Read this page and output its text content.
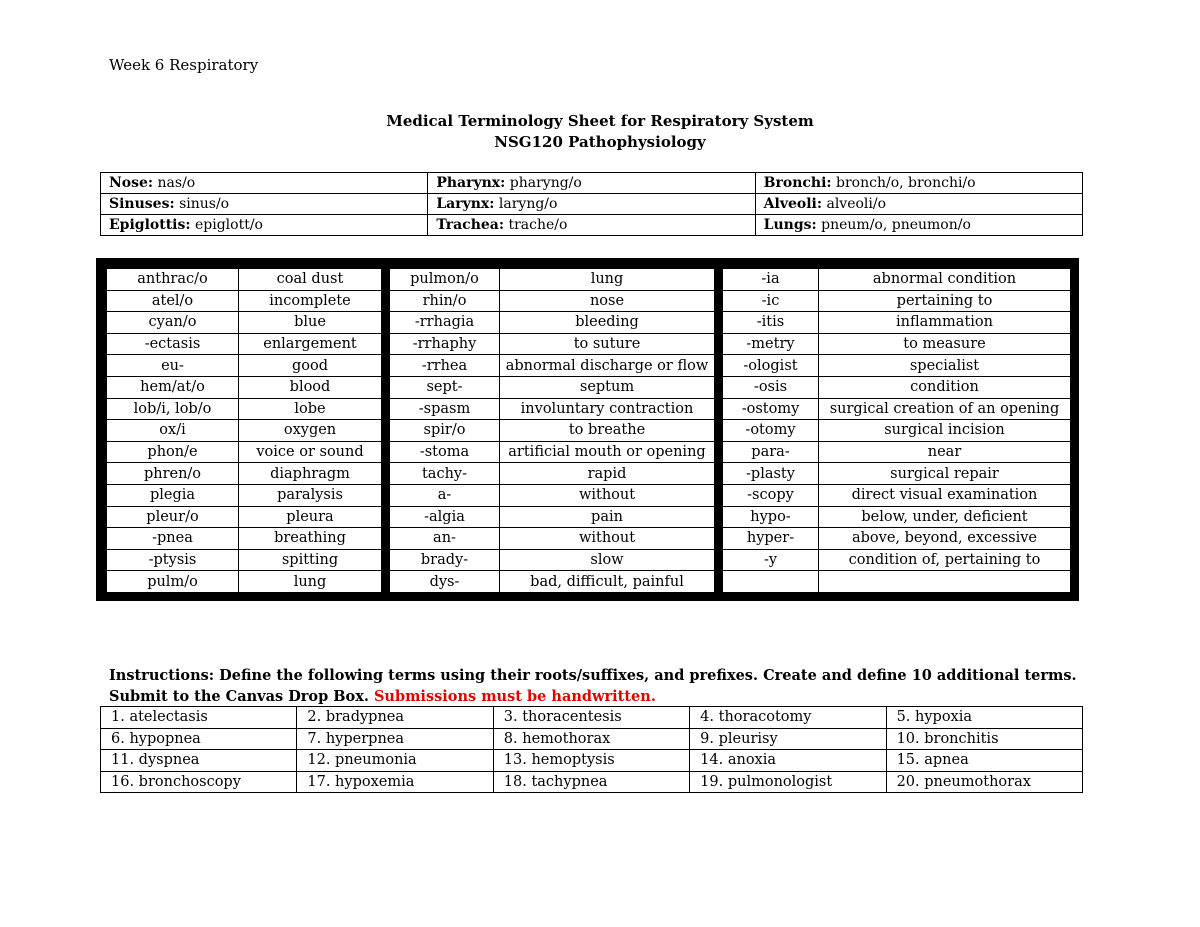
Week 6 Respiratory
Medical Terminology Sheet for Respiratory System
NSG120 Pathophysiology
Nose: nas/o	Pharynx: pharyng/o	Bronchi: bronch/o, bronchi/o
Sinuses: sinus/o	Larynx: laryng/o	Alveoli: alveoli/o
Epiglottis: epiglott/o	Trachea: trache/o	Lungs: pneum/o, pneumon/o
anthrac/o	coal dust		pulmon/o	lung		-ia	abnormal condition
atel/o	incomplete		rhin/o	nose		-ic	pertaining to
cyan/o	blue		-rrhagia	bleeding		-itis	inflammation
-ectasis	enlargement		-rrhaphy	to suture		-metry	to measure
eu-	good		-rrhea	abnormal discharge or flow		-ologist	specialist
hem/at/o	blood		sept-	septum		-osis	condition
lob/i, lob/o	lobe		-spasm	involuntary contraction		-ostomy	surgical creation of an opening
ox/i	oxygen		spir/o	to breathe		-otomy	surgical incision
phon/e	voice or sound		-stoma	artificial mouth or opening		para-	near
phren/o	diaphragm		tachy-	rapid		-plasty	surgical repair
plegia	paralysis		a-	without		-scopy	direct visual examination
pleur/o	pleura		-algia	pain		hypo-	below, under, deficient
-pnea	breathing		an-	without		hyper-	above, beyond, excessive
-ptysis	spitting		brady-	slow		-y	condition of, pertaining to
pulm/o	lung		dys-	bad, difficult, painful			
Instructions: Define the following terms using their roots/suffixes, and prefixes. Create and define 10 additional terms. Submit to the Canvas Drop Box. Submissions must be handwritten.
1. atelectasis	2. bradypnea	3. thoracentesis	4. thoracotomy	5. hypoxia
6. hypopnea	7. hyperpnea	8. hemothorax	9. pleurisy	10. bronchitis
11. dyspnea	12. pneumonia	13. hemoptysis	14. anoxia	15. apnea
16. bronchoscopy	17. hypoxemia	18. tachypnea	19. pulmonologist	20. pneumothorax
